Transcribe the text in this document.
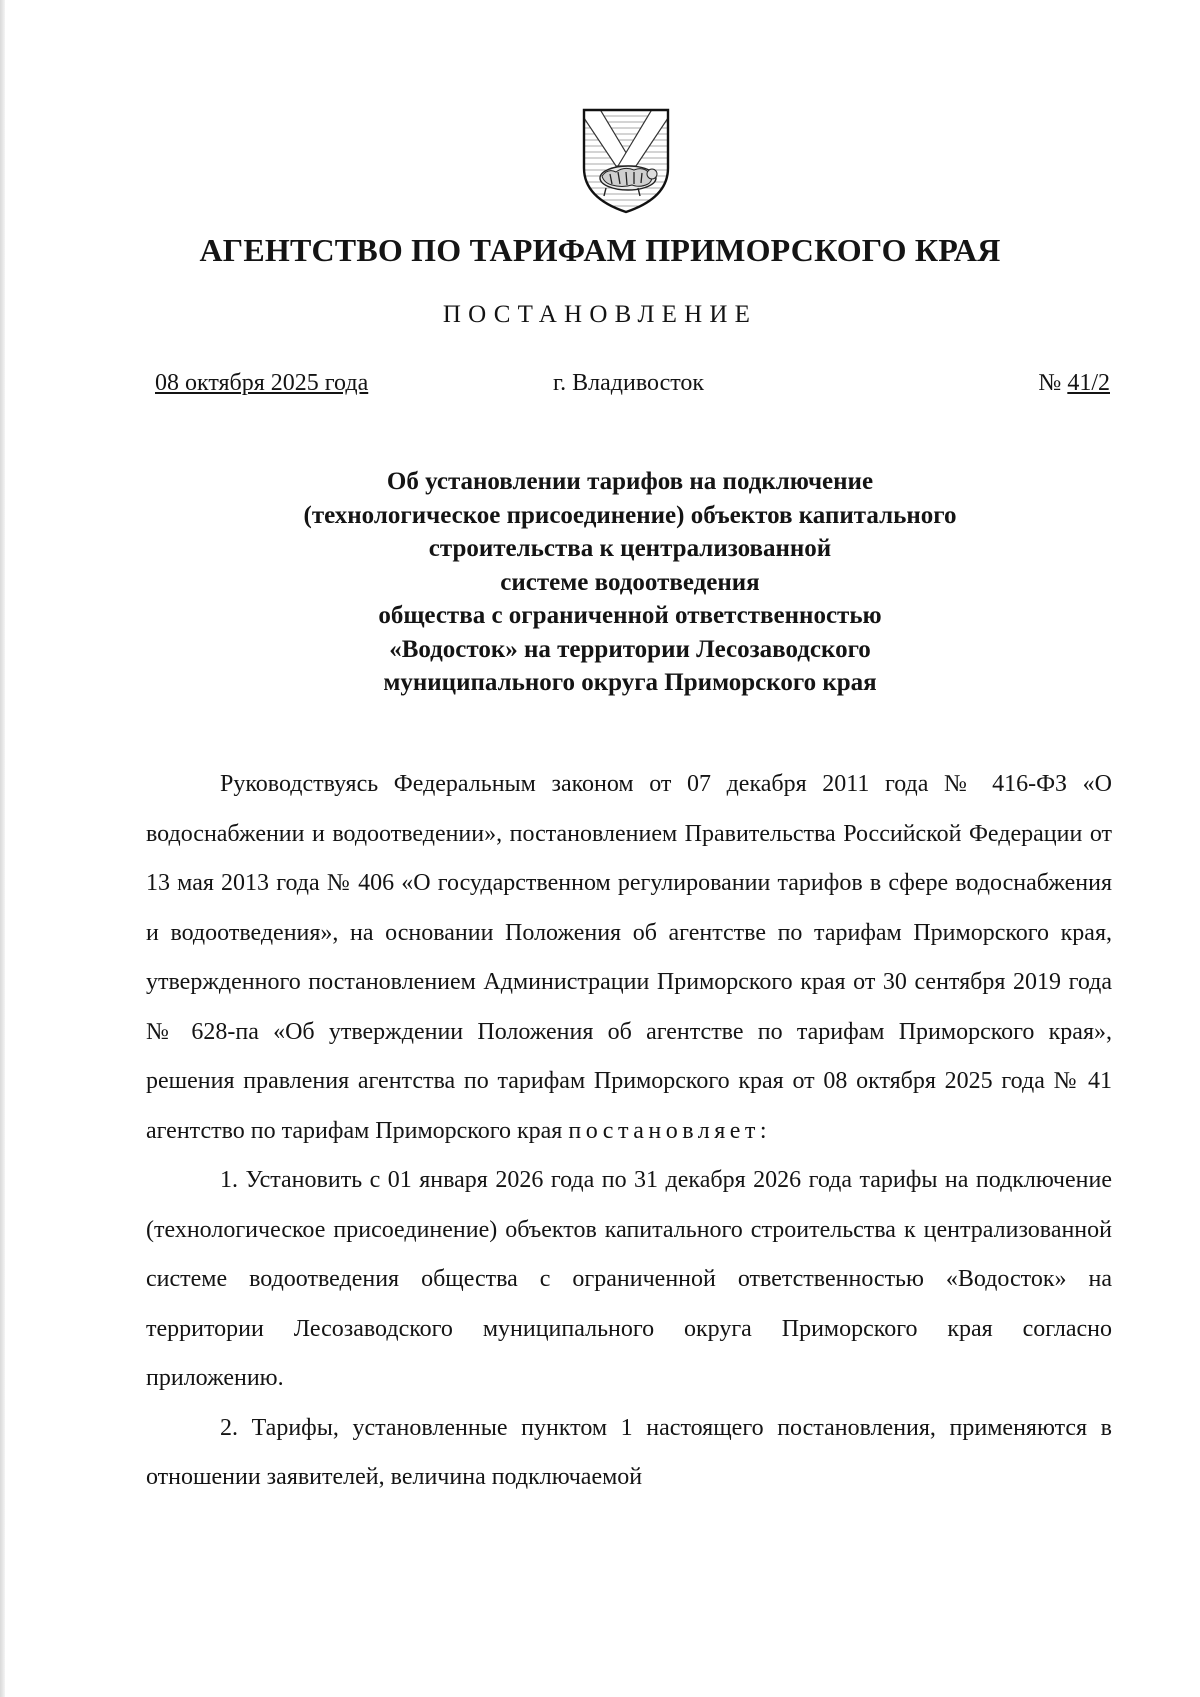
АГЕНТСТВО ПО ТАРИФАМ ПРИМОРСКОГО КРАЯ
ПОСТАНОВЛЕНИЕ
08 октября 2025 года	г. Владивосток	№ 41/2
Об установлении тарифов на подключение
(технологическое присоединение) объектов капитального
строительства к централизованной
системе водоотведения
общества с ограниченной ответственностью
«Водосток» на территории Лесозаводского
муниципального округа Приморского края

Руководствуясь Федеральным законом от 07 декабря 2011 года № 416-ФЗ «О водоснабжении и водоотведении», постановлением Правительства Российской Федерации от 13 мая 2013 года № 406 «О государственном регулировании тарифов в сфере водоснабжения и водоотведения», на основании Положения об агентстве по тарифам Приморского края, утвержденного постановлением Администрации Приморского края от 30 сентября 2019 года № 628-па «Об утверждении Положения об агентстве по тарифам Приморского края», решения правления агентства по тарифам Приморского края от 08 октября 2025 года № 41 агентство по тарифам Приморского края постановляет:

1. Установить с 01 января 2026 года по 31 декабря 2026 года тарифы на подключение (технологическое присоединение) объектов капитального строительства к централизованной системе водоотведения общества с ограниченной ответственностью «Водосток» на территории Лесозаводского муниципального округа Приморского края согласно приложению.

2. Тарифы, установленные пунктом 1 настоящего постановления, применяются в отношении заявителей, величина подключаемой
